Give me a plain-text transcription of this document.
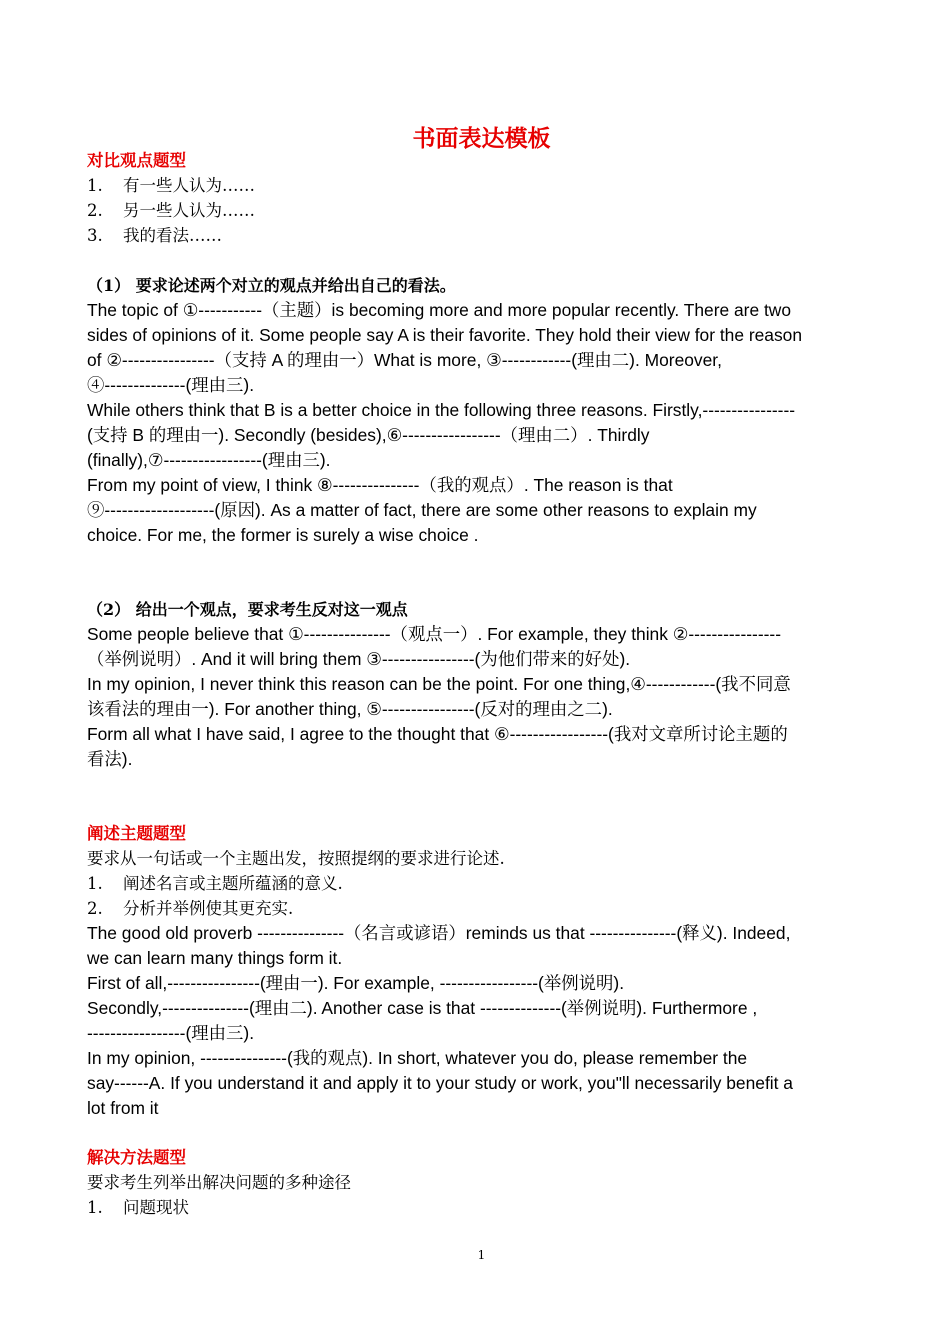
书面表达模板
对比观点题型
1. 有一些人认为……
2. 另一些人认为……
3. 我的看法……
（1） 要求论述两个对立的观点并给出自己的看法。
The topic of ①-----------（主题）is becoming more and more popular recently. There are two
sides of opinions of it. Some people say A is their favorite. They hold their view for the reason
of ②----------------（支持 A 的理由一）What is more, ③------------(理由二). Moreover,
④--------------(理由三).
While others think that B is a better choice in the following three reasons. Firstly,----------------
(支持 B 的理由一). Secondly (besides),⑥-----------------（理由二）. Thirdly
(finally),⑦-----------------(理由三).
From my point of view, I think ⑧---------------（我的观点）. The reason is that
⑨-------------------(原因). As a matter of fact, there are some other reasons to explain my
choice. For me, the former is surely a wise choice .
（2） 给出一个观点，要求考生反对这一观点
Some people believe that ①---------------（观点一）. For example, they think ②----------------
（举例说明）. And it will bring them ③----------------(为他们带来的好处).
In my opinion, I never think this reason can be the point. For one thing,④------------(我不同意
该看法的理由一). For another thing, ⑤----------------(反对的理由之二).
Form all what I have said, I agree to the thought that ⑥-----------------(我对文章所讨论主题的
看法).
阐述主题题型
要求从一句话或一个主题出发，按照提纲的要求进行论述.
1. 阐述名言或主题所蕴涵的意义.
2. 分析并举例使其更充实.
The good old proverb ---------------（名言或谚语）reminds us that ---------------(释义). Indeed,
we can learn many things form it.
First of all,----------------(理由一). For example, -----------------(举例说明).
Secondly,---------------(理由二). Another case is that --------------(举例说明). Furthermore ,
-----------------(理由三).
In my opinion, ---------------(我的观点). In short, whatever you do, please remember the
say------A. If you understand it and apply it to your study or work, you"ll necessarily benefit a
lot from it
解决方法题型
要求考生列举出解决问题的多种途径
1. 问题现状
1
